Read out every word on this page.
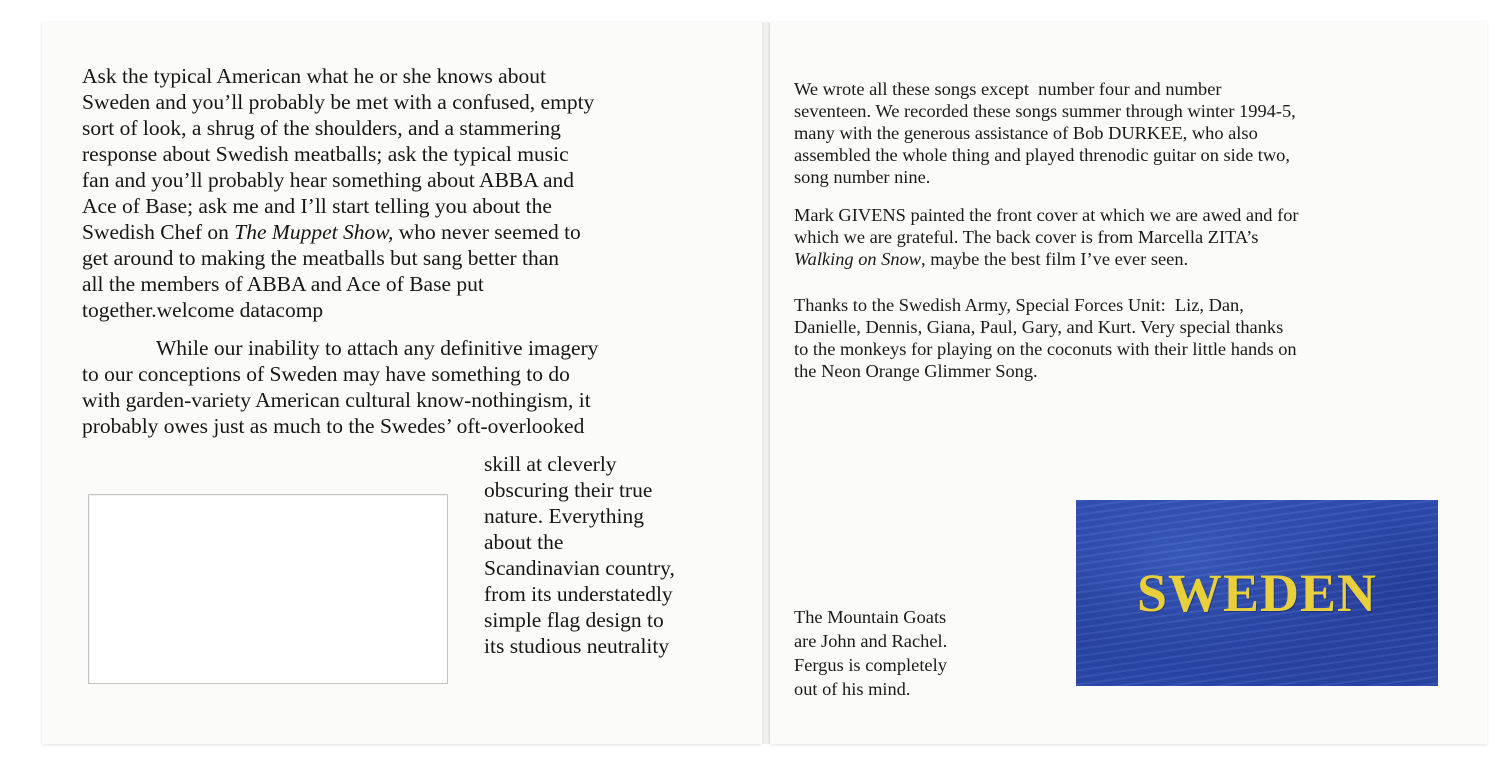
Ask the typical American what he or she knows about

Sweden and you’ll probably be met with a confused, empty

sort of look, a shrug of the shoulders, and a stammering

response about Swedish meatballs; ask the typical music

fan and you’ll probably hear something about ABBA and

Ace of Base; ask me and I’ll start telling you about the

Swedish Chef on The Muppet Show, who never seemed to

get around to making the meatballs but sang better than

all the members of ABBA and Ace of Base put

together.welcome datacomp

While our inability to attach any definitive imagery

to our conceptions of Sweden may have something to do

with garden-variety American cultural know-nothingism, it

probably owes just as much to the Swedes’ oft-overlooked

skill at cleverly

obscuring their true

nature. Everything

about the

Scandinavian country,

from its understatedly

simple flag design to

its studious neutrality

We wrote all these songs except  number four and number

seventeen. We recorded these songs summer through winter 1994-5,

many with the generous assistance of Bob DURKEE, who also

assembled the whole thing and played threnodic guitar on side two,

song number nine.

Mark GIVENS painted the front cover at which we are awed and for

which we are grateful. The back cover is from Marcella ZITA’s

Walking on Snow, maybe the best film I’ve ever seen.

Thanks to the Swedish Army, Special Forces Unit:  Liz, Dan,

Danielle, Dennis, Giana, Paul, Gary, and Kurt. Very special thanks

to the monkeys for playing on the coconuts with their little hands on

the Neon Orange Glimmer Song.

The Mountain Goats

are John and Rachel.

Fergus is completely

out of his mind.

SWEDEN
